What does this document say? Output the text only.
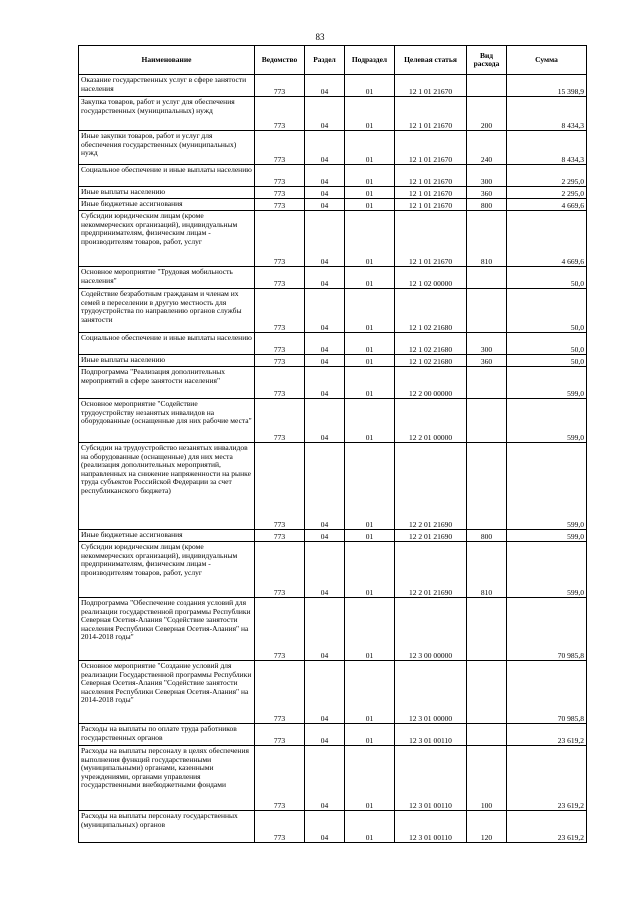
83
Наименование	Ведомство	Раздел	Подраздел	Целевая статья	Вид расхода	Сумма
Оказание государственных услуг в сфере занятости населения	773	04	01	12 1 01 21670		15 398,9
Закупка товаров, работ и услуг для обеспечения государственных (муниципальных) нужд	773	04	01	12 1 01 21670	200	8 434,3
Иные закупки товаров, работ и услуг для обеспечения государственных (муниципальных) нужд	773	04	01	12 1 01 21670	240	8 434,3
Социальное обеспечение и иные выплаты населению	773	04	01	12 1 01 21670	300	2 295,0
Иные выплаты населению	773	04	01	12 1 01 21670	360	2 295,0
Иные бюджетные ассигнования	773	04	01	12 1 01 21670	800	4 669,6
Субсидии юридическим лицам (кроме некоммерческих организаций), индивидуальным предпринимателям, физическим лицам - производителям товаров, работ, услуг	773	04	01	12 1 01 21670	810	4 669,6
Основное мероприятие "Трудовая мобильность населения"	773	04	01	12 1 02 00000		50,0
Содействие безработным гражданам и членам их семей в переселении в другую местность для трудоустройства по направлению органов службы занятости	773	04	01	12 1 02 21680		50,0
Социальное обеспечение и иные выплаты населению	773	04	01	12 1 02 21680	300	50,0
Иные выплаты населению	773	04	01	12 1 02 21680	360	50,0
Подпрограмма "Реализация дополнительных мероприятий в сфере занятости населения"	773	04	01	12 2 00 00000		599,0
Основное мероприятие "Содействие трудоустройству незанятых инвалидов на оборудованные (оснащенные для них рабочие места"	773	04	01	12 2 01 00000		599,0
Субсидии на трудоустройство незанятых инвалидов на оборудованные (оснащенные) для них места (реализация дополнительных мероприятий, направленных на снижение напряженности на рынке труда субъектов Российской Федерации за счет республиканского бюджета)	773	04	01	12 2 01 21690		599,0
Иные бюджетные ассигнования	773	04	01	12 2 01 21690	800	599,0
Субсидии юридическим лицам (кроме некоммерческих организаций), индивидуальным предпринимателям, физическим лицам - производителям товаров, работ, услуг	773	04	01	12 2 01 21690	810	599,0
Подпрограмма "Обеспечение создания условий для реализации государственной программы Республики Северная Осетия-Алания "Содействие занятости населения Республики Северная Осетия-Алания" на 2014-2018 годы"	773	04	01	12 3 00 00000		70 985,8
Основное мероприятие "Создание условий для реализации Государственной программы Республики Северная Осетия-Алания "Содействие занятости населения Республики Северная Осетия-Алания" на 2014-2018 годы"	773	04	01	12 3 01 00000		70 985,8
Расходы на выплаты по оплате труда работников государственных органов	773	04	01	12 3 01 00110		23 619,2
Расходы на выплаты персоналу в целях обеспечения выполнения функций государственными (муниципальными) органами, казенными учреждениями, органами управления государственными внебюджетными фондами	773	04	01	12 3 01 00110	100	23 619,2
Расходы на выплаты персоналу государственных (муниципальных) органов	773	04	01	12 3 01 00110	120	23 619,2
